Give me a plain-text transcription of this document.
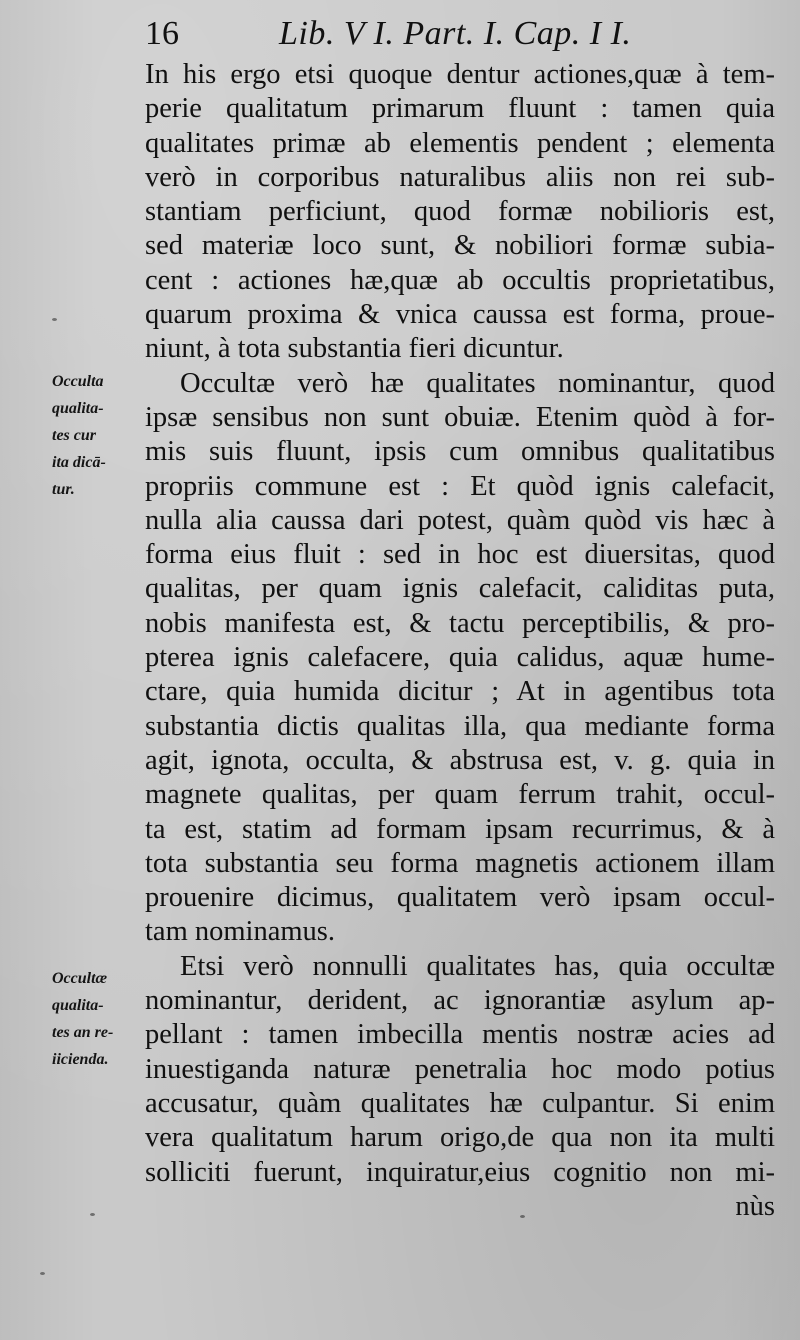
16	Lib. V I. Part. I. Cap. I I.
Occulta
qualita-
tes cur
ita dicā-
tur.
Occultæ
qualita-
tes an re-
iicienda.
In his ergo etsi quoque dentur actiones,quæ à tem-
perie qualitatum primarum fluunt : tamen quia
qualitates primæ ab elementis pendent ; elementa
verò in corporibus naturalibus aliis non rei sub-
stantiam perficiunt, quod formæ nobilioris est,
sed materiæ loco sunt, & nobiliori formæ subia-
cent : actiones hæ,quæ ab occultis proprietatibus,
quarum proxima & vnica caussa est forma, proue-
niunt, à tota substantia fieri dicuntur.
Occultæ verò hæ qualitates nominantur, quod
ipsæ sensibus non sunt obuiæ. Etenim quòd à for-
mis suis fluunt, ipsis cum omnibus qualitatibus
propriis commune est : Et quòd ignis calefacit,
nulla alia caussa dari potest, quàm quòd vis hæc à
forma eius fluit : sed in hoc est diuersitas, quod
qualitas, per quam ignis calefacit, caliditas puta,
nobis manifesta est, & tactu perceptibilis, & pro-
pterea ignis calefacere, quia calidus, aquæ hume-
ctare, quia humida dicitur ; At in agentibus tota
substantia dictis qualitas illa, qua mediante forma
agit, ignota, occulta, & abstrusa est, v. g. quia in
magnete qualitas, per quam ferrum trahit, occul-
ta est, statim ad formam ipsam recurrimus, & à
tota substantia seu forma magnetis actionem illam
prouenire dicimus, qualitatem verò ipsam occul-
tam nominamus.
Etsi verò nonnulli qualitates has, quia occultæ
nominantur, derident, ac ignorantiæ asylum ap-
pellant : tamen imbecilla mentis nostræ acies ad
inuestiganda naturæ penetralia hoc modo potius
accusatur, quàm qualitates hæ culpantur. Si enim
vera qualitatum harum origo,de qua non ita multi
solliciti fuerunt, inquiratur,eius cognitio non mi-
nùs
